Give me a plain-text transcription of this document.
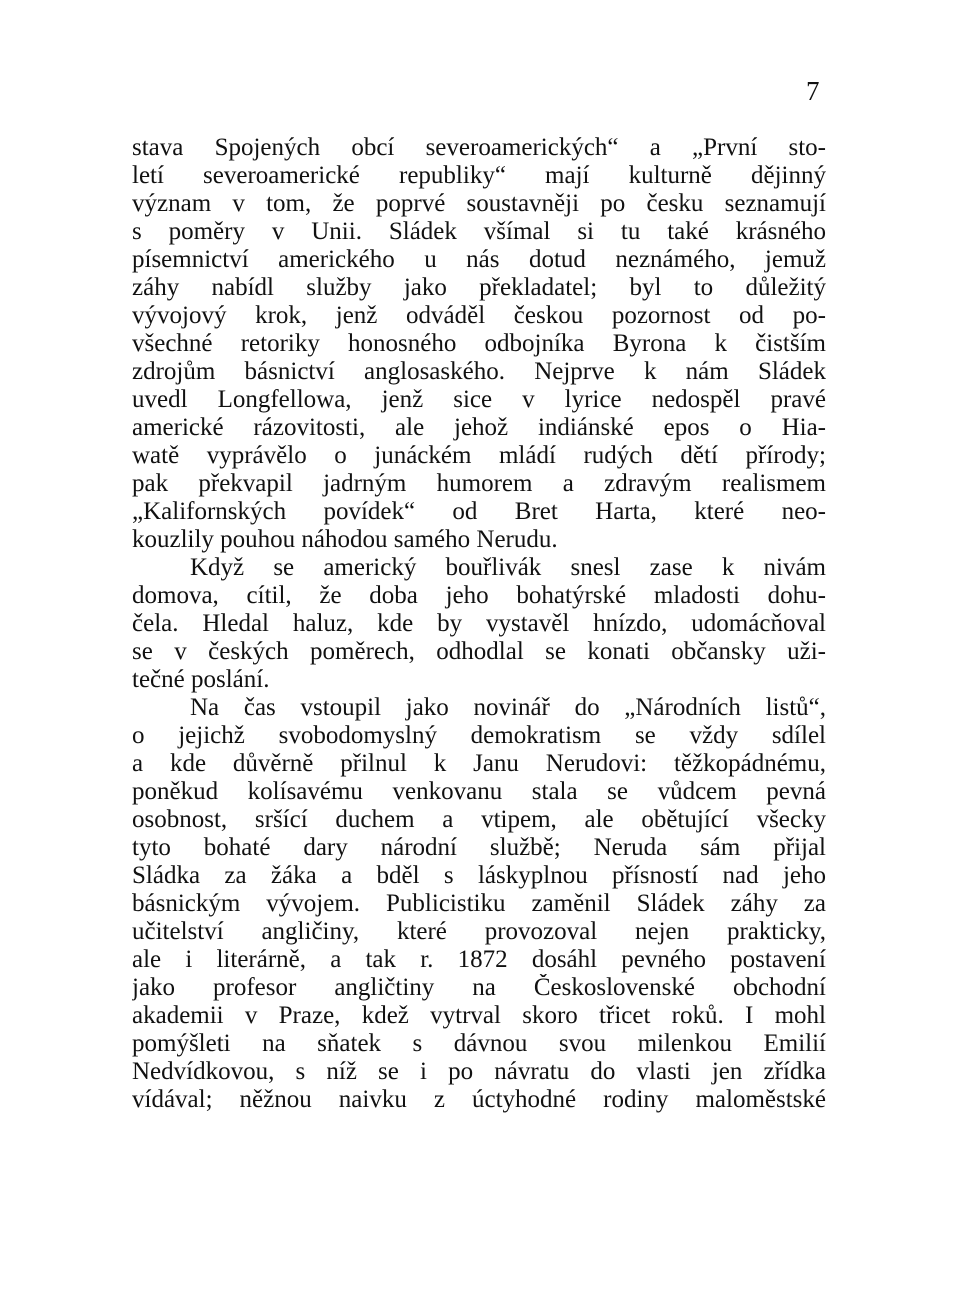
7
stava Spojených obcí severoamerických“ a „První sto-
letí severoamerické republiky“ mají kulturně dějinný
význam v tom, že poprvé soustavněji po česku seznamují
s poměry v Unii. Sládek všímal si tu také krásného
písemnictví amerického u nás dotud neznámého, jemuž
záhy nabídl služby jako překladatel; byl to důležitý
vývojový krok, jenž odváděl českou pozornost od po-
všechné retoriky honosného odbojníka Byrona k čistším
zdrojům básnictví anglosaského. Nejprve k nám Sládek
uvedl Longfellowa, jenž sice v lyrice nedospěl pravé
americké rázovitosti, ale jehož indiánské epos o Hia-
watě vyprávělo o junáckém mládí rudých dětí přírody;
pak překvapil jadrným humorem a zdravým realismem
„Kalifornských povídek“ od Bret Harta, které neo-
kouzlily pouhou náhodou samého Nerudu.
Když se americký bouřlivák snesl zase k nivám
domova, cítil, že doba jeho bohatýrské mladosti dohu-
čela. Hledal haluz, kde by vystavěl hnízdo, udomácňoval
se v českých poměrech, odhodlal se konati občansky uži-
tečné poslání.
Na čas vstoupil jako novinář do „Národních listů“,
o jejichž svobodomyslný demokratism se vždy sdílel
a kde důvěrně přilnul k Janu Nerudovi: těžkopádnému,
poněkud kolísavému venkovanu stala se vůdcem pevná
osobnost, sršící duchem a vtipem, ale obětující všecky
tyto bohaté dary národní službě; Neruda sám přijal
Sládka za žáka a bděl s láskyplnou přísností nad jeho
básnickým vývojem. Publicistiku zaměnil Sládek záhy za
učitelství angličiny, které provozoval nejen prakticky,
ale i literárně, a tak r. 1872 dosáhl pevného postavení
jako profesor angličtiny na Československé obchodní
akademii v Praze, kdež vytrval skoro třicet roků. I mohl
pomýšleti na sňatek s dávnou svou milenkou Emilií
Nedvídkovou, s níž se i po návratu do vlasti jen zřídka
vídával; něžnou naivku z úctyhodné rodiny maloměstské
